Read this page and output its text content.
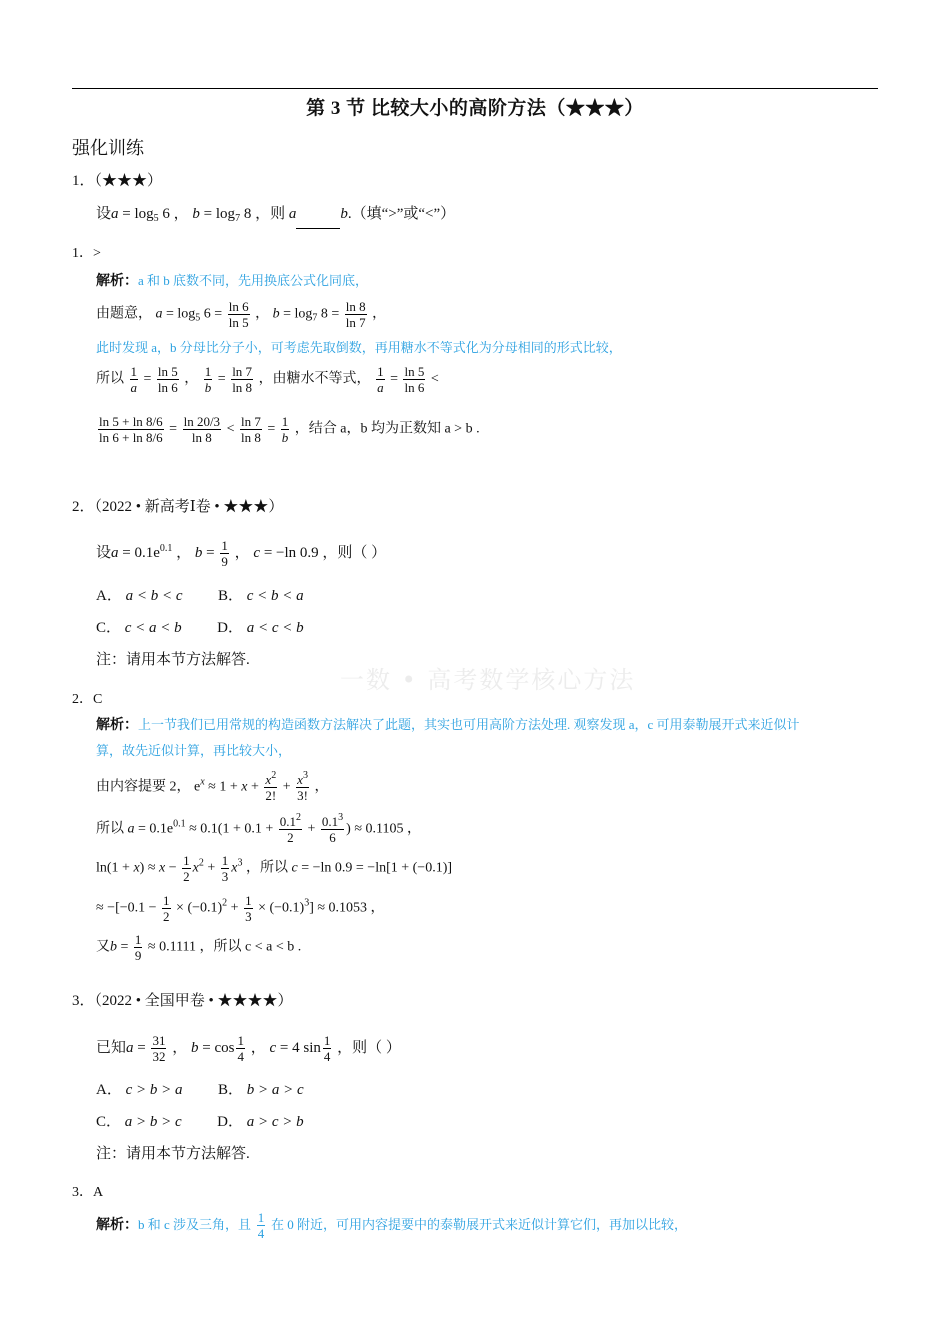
第 3 节 比较大小的高阶方法（★★★）
强化训练
一数 • 高考数学核心方法
1．（★★★）
设$a = \log_5 6$ ， $b = \log_7 8$ ，则 a	b.（填“>”或“<”）
1．>
解析：a 和 b 底数不同，先用换底公式化同底，
由题意， $a = \log_5 6 = \frac{\ln 6}{\ln 5}$ ， $b = \log_7 8 = \frac{\ln 8}{\ln 7}$ ，
此时发现 a，b 分母比分子小，可考虑先取倒数，再用糖水不等式化为分母相同的形式比较，
所以 $\frac{1}{a} = \frac{\ln 5}{\ln 6}$ ， $\frac{1}{b} = \frac{\ln 7}{\ln 8}$ ，由糖水不等式， $\frac{1}{a} = \frac{\ln 5}{\ln 6}$ <
$\frac{\ln 5 + \ln 8/6}{\ln 6 + \ln 8/6} = \frac{\ln 20/3}{\ln 8} < \frac{\ln 7}{\ln 8} = \frac{1}{b}$ ，结合 a，b 均为正数知 a > b .
2．（2022 • 新高考Ⅰ卷 • ★★★）
设$a = 0.1e^{0.1}$ ， $b = \frac{1}{9}$ ， c = −ln 0.9 ，则（ ）
A． a < b < c B． c < b < a
C． c < a < b D． a < c < b
注：请用本节方法解答.
2．C
解析：上一节我们已用常规的构造函数方法解决了此题，其实也可用高阶方法处理. 观察发现 a，c 可用泰勒展开式来近似计
算，故先近似计算，再比较大小，
由内容提要 2， $e^x \approx 1 + x + \frac{x^2}{2!} + \frac{x^3}{3!}$ ，
所以 $a = 0.1e^{0.1} \approx 0.1(1 + 0.1 + \frac{0.1^2}{2} + \frac{0.1^3}{6}$ ) ≈ 0.1105 ，
$\ln(1 + x) \approx x - \frac{1}{2} x^2 + \frac{1}{3} x^3$ ，所以 c = −ln 0.9 = −ln[1 + (−0.1)]
≈ $-[-0.1 - \frac{1}{2} \times (-0.1)^2 + \frac{1}{3} \times (-0.1)^3] \approx 0.1053$ ，
又$b = \frac{1}{9} \approx 0.1111$ ，所以 c < a < b .
3．（2022 • 全国甲卷 • ★★★★）
已知$a = \frac{31}{32}$ ， $b = \cos \frac{1}{4}$ ， c = 4 $\sin \frac{1}{4}$ ，则（ ）
A． c > b > a B． b > a > c
C． a > b > c D． a > c > b
注：请用本节方法解答.
3．A
解析：b 和 c 涉及三角，且 $\frac{1}{4}$ 在 0 附近，可用内容提要中的泰勒展开式来近似计算它们，再加以比较，
